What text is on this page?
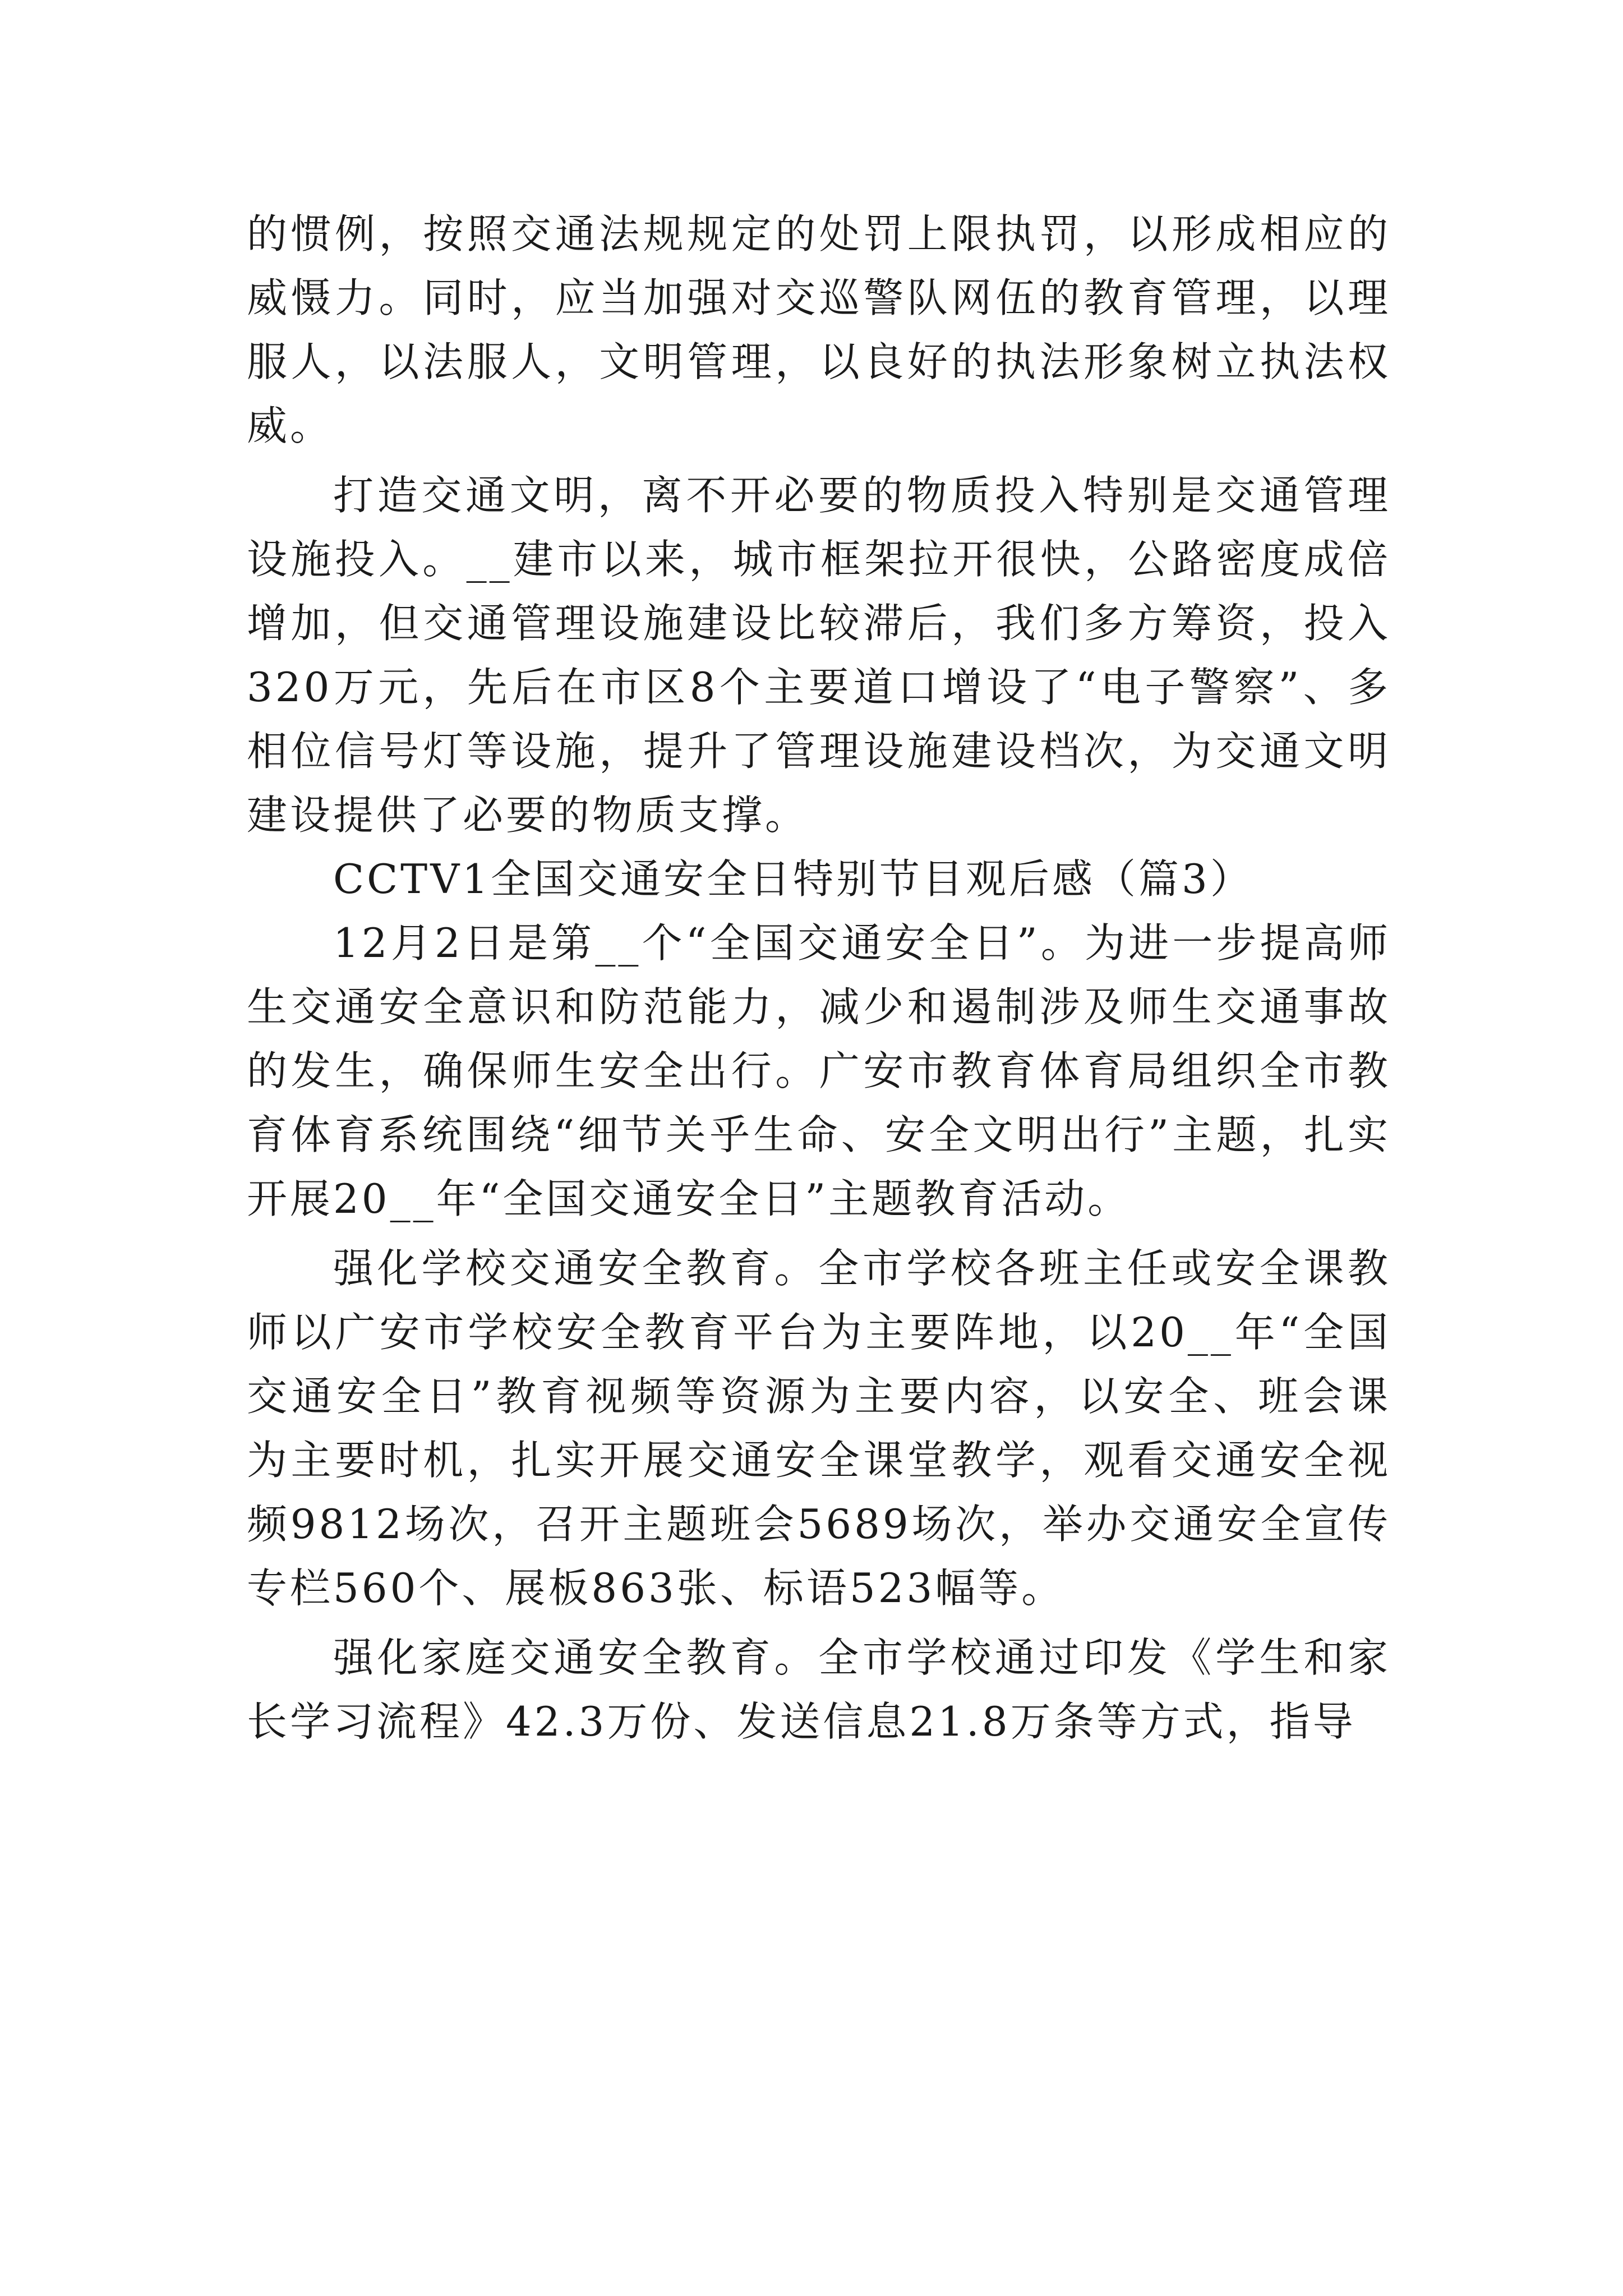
的惯例，按照交通法规规定的处罚上限执罚，以形成相应的威慑力。同时，应当加强对交巡警队网伍的教育管理，以理服人，以法服人，文明管理，以良好的执法形象树立执法权威。

打造交通文明，离不开必要的物质投入特别是交通管理设施投入。__建市以来，城市框架拉开很快，公路密度成倍增加，但交通管理设施建设比较滞后，我们多方筹资，投入320万元，先后在市区8个主要道口增设了“电子警察”、多相位信号灯等设施，提升了管理设施建设档次，为交通文明建设提供了必要的物质支撑。

CCTV1全国交通安全日特别节目观后感（篇3）

12月2日是第__个“全国交通安全日”。为进一步提高师生交通安全意识和防范能力，减少和遏制涉及师生交通事故的发生，确保师生安全出行。广安市教育体育局组织全市教育体育系统围绕“细节关乎生命、安全文明出行”主题，扎实开展20__年“全国交通安全日”主题教育活动。

强化学校交通安全教育。全市学校各班主任或安全课教师以广安市学校安全教育平台为主要阵地，以20__年“全国交通安全日”教育视频等资源为主要内容，以安全、班会课为主要时机，扎实开展交通安全课堂教学，观看交通安全视频9812场次，召开主题班会5689场次，举办交通安全宣传专栏560个、展板863张、标语523幅等。

强化家庭交通安全教育。全市学校通过印发《学生和家长学习流程》42.3万份、发送信息21.8万条等方式，指导
